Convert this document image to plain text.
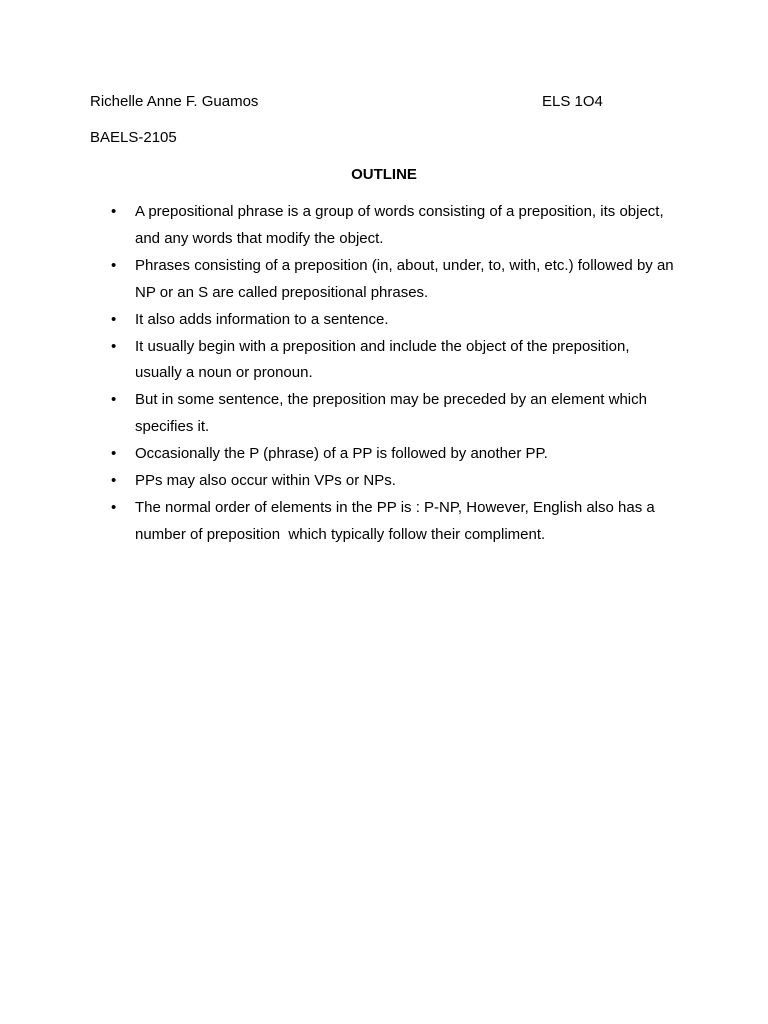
Richelle Anne F. Guamos	ELS 1O4
BAELS-2105
OUTLINE
• A prepositional phrase is a group of words consisting of a preposition, its object,
and any words that modify the object.
• Phrases consisting of a preposition (in, about, under, to, with, etc.) followed by an
NP or an S are called prepositional phrases.
• It also adds information to a sentence.
• It usually begin with a preposition and include the object of the preposition,
usually a noun or pronoun.
• But in some sentence, the preposition may be preceded by an element which
specifies it.
• Occasionally the P (phrase) of a PP is followed by another PP.
• PPs may also occur within VPs or NPs.
• The normal order of elements in the PP is : P-NP, However, English also has a
number of preposition  which typically follow their compliment.
